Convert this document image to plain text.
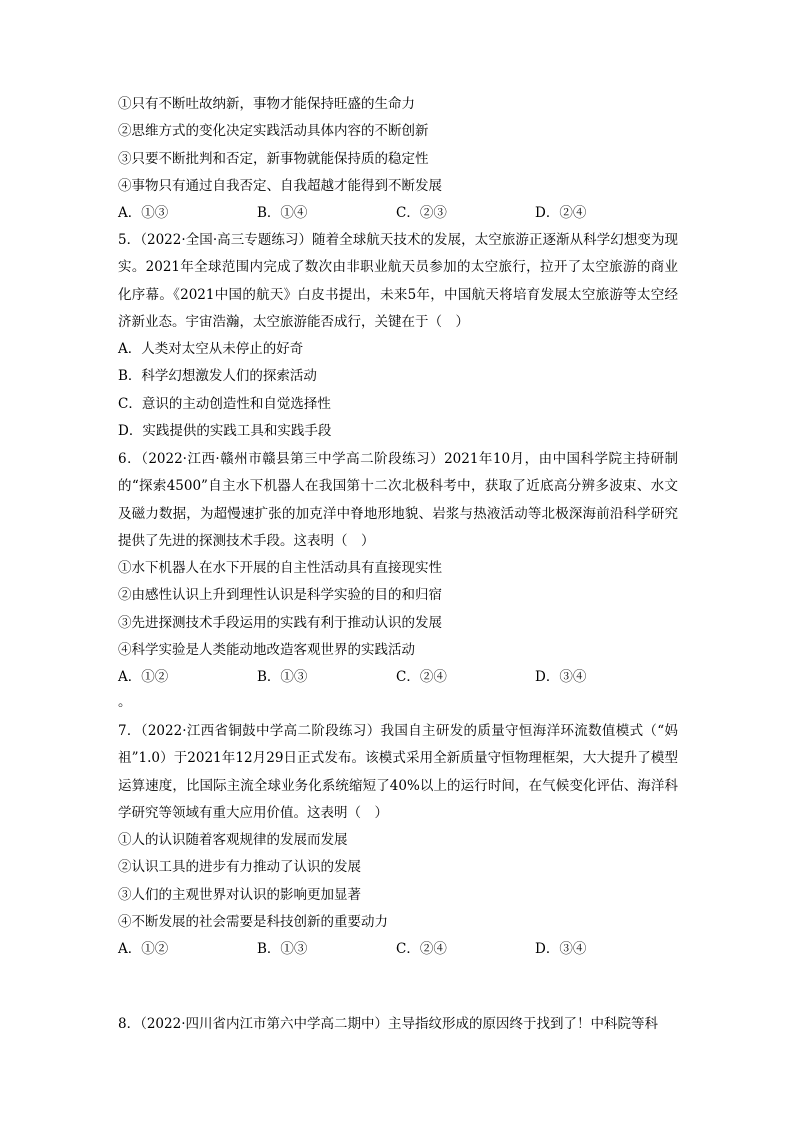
①只有不断吐故纳新，事物才能保持旺盛的生命力
②思维方式的变化决定实践活动具体内容的不断创新
③只要不断批判和否定，新事物就能保持质的稳定性
④事物只有通过自我否定、自我超越才能得到不断发展
A．①③	B．①④	C．②③	D．②④
5．（2022·全国·高三专题练习）随着全球航天技术的发展，太空旅游正逐渐从科学幻想变为现实。2021年全球范围内完成了数次由非职业航天员参加的太空旅行，拉开了太空旅游的商业化序幕。《2021中国的航天》白皮书提出，未来5年，中国航天将培育发展太空旅游等太空经济新业态。宇宙浩瀚，太空旅游能否成行，关键在于（　）
A．人类对太空从未停止的好奇
B．科学幻想激发人们的探索活动
C．意识的主动创造性和自觉选择性
D．实践提供的实践工具和实践手段
6．（2022·江西·赣州市赣县第三中学高二阶段练习）2021年10月，由中国科学院主持研制的“探索4500”自主水下机器人在我国第十二次北极科考中，获取了近底高分辨多波束、水文及磁力数据，为超慢速扩张的加克洋中脊地形地貌、岩浆与热液活动等北极深海前沿科学研究提供了先进的探测技术手段。这表明（　）
①水下机器人在水下开展的自主性活动具有直接现实性
②由感性认识上升到理性认识是科学实验的目的和归宿
③先进探测技术手段运用的实践有利于推动认识的发展
④科学实验是人类能动地改造客观世界的实践活动
A．①②	B．①③	C．②④	D．③④
。
7．（2022·江西省铜鼓中学高二阶段练习）我国自主研发的质量守恒海洋环流数值模式（“妈祖”1.0）于2021年12月29日正式发布。该模式采用全新质量守恒物理框架，大大提升了模型运算速度，比国际主流全球业务化系统缩短了40%以上的运行时间，在气候变化评估、海洋科学研究等领域有重大应用价值。这表明（　）
①人的认识随着客观规律的发展而发展
②认识工具的进步有力推动了认识的发展
③人们的主观世界对认识的影响更加显著
④不断发展的社会需要是科技创新的重要动力
A．①②	B．①③	C．②④	D．③④
8．（2022·四川省内江市第六中学高二期中）主导指纹形成的原因终于找到了！中科院等科
